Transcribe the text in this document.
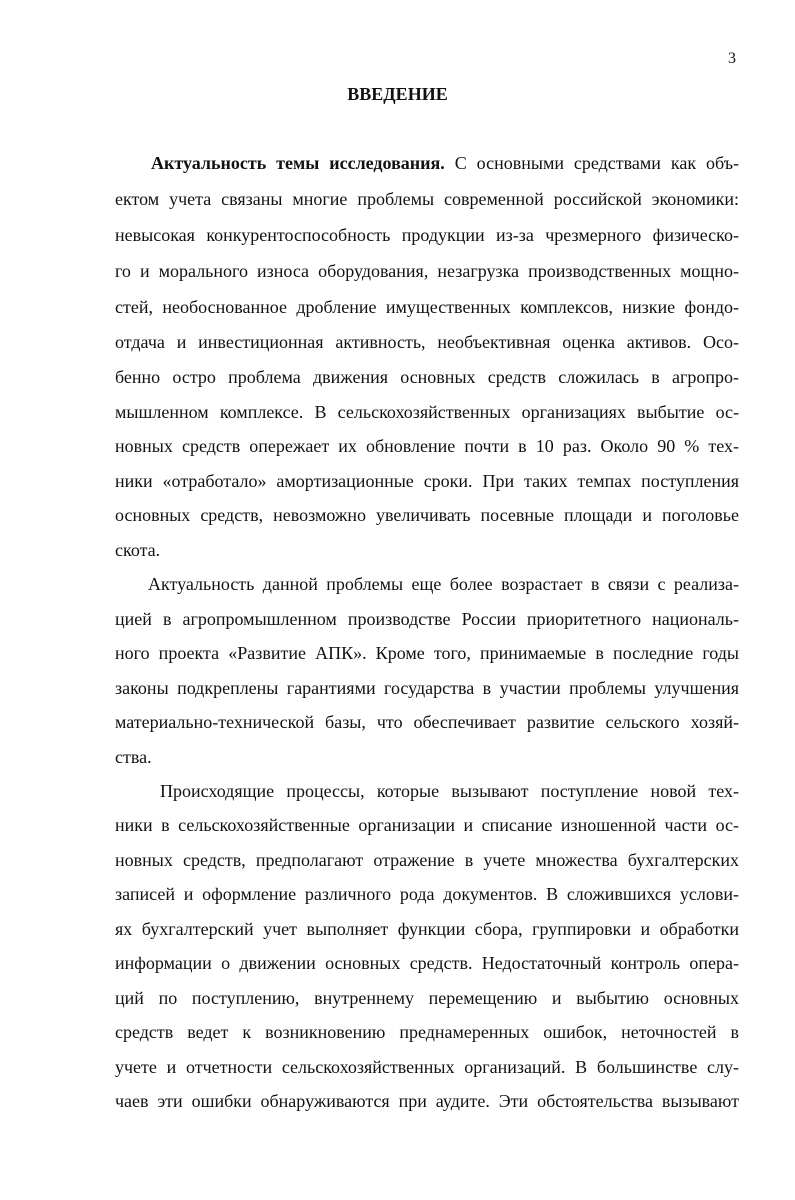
3
ВВЕДЕНИЕ
Актуальность темы исследования. С основными средствами как объ-
ектом учета связаны многие проблемы современной российской экономики:
невысокая конкурентоспособность продукции из-за чрезмерного физическо-
го и морального износа оборудования, незагрузка производственных мощно-
стей, необоснованное дробление имущественных комплексов, низкие фондо-
отдача и инвестиционная активность, необъективная оценка активов. Осо-
бенно остро проблема движения основных средств сложилась в агропро-
мышленном комплексе. В сельскохозяйственных организациях выбытие ос-
новных средств опережает их обновление почти в 10 раз. Около 90 % тех-
ники «отработало» амортизационные сроки. При таких темпах поступления
основных средств, невозможно увеличивать посевные площади и поголовье
скота.
Актуальность данной проблемы еще более возрастает в связи с реализа-
цией в агропромышленном производстве России приоритетного националь-
ного проекта «Развитие АПК». Кроме того, принимаемые в последние годы
законы подкреплены гарантиями государства в участии проблемы улучшения
материально-технической базы, что обеспечивает развитие сельского хозяй-
ства.
Происходящие процессы, которые вызывают поступление новой тех-
ники в сельскохозяйственные организации и списание изношенной части ос-
новных средств, предполагают отражение в учете множества бухгалтерских
записей и оформление различного рода документов. В сложившихся услови-
ях бухгалтерский учет выполняет функции сбора, группировки и обработки
информации о движении основных средств. Недостаточный контроль опера-
ций по поступлению, внутреннему перемещению и выбытию основных
средств ведет к возникновению преднамеренных ошибок, неточностей в
учете и отчетности сельскохозяйственных организаций. В большинстве слу-
чаев эти ошибки обнаруживаются при аудите. Эти обстоятельства вызывают
